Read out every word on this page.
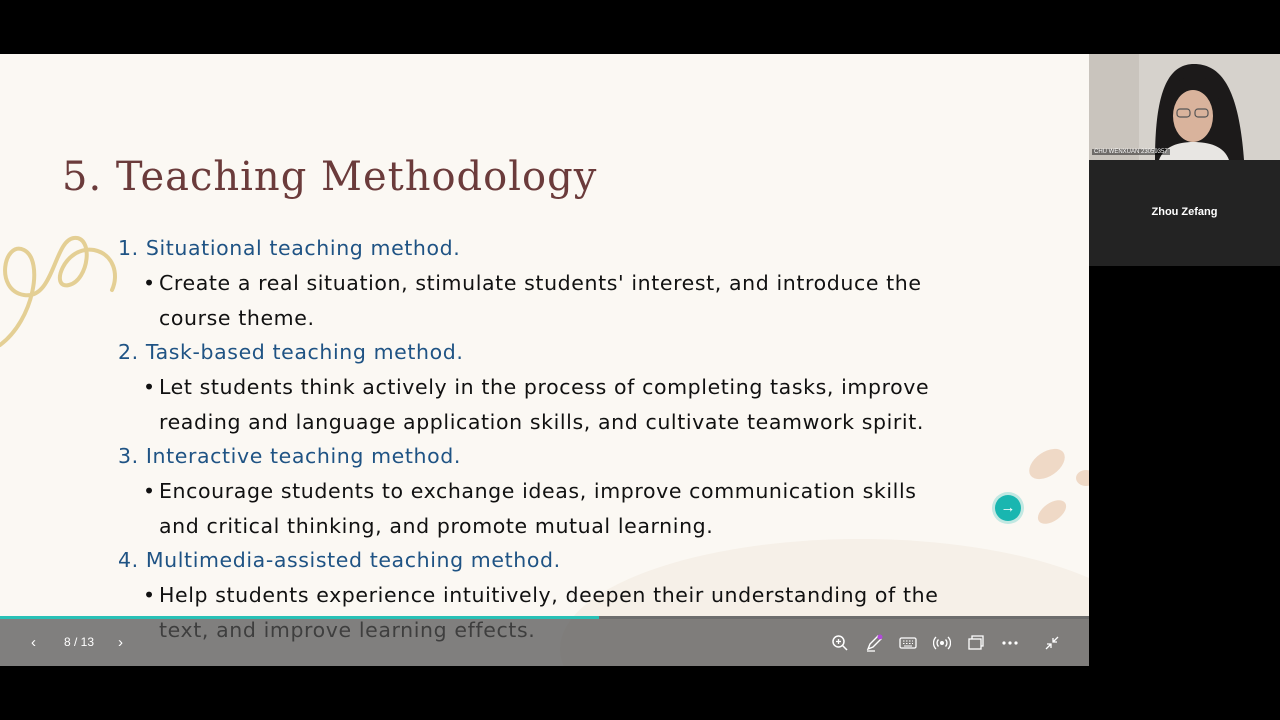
5. Teaching Methodology
1. Situational teaching method.
• Create a real situation, stimulate students' interest, and introduce the
course theme.
2. Task-based teaching method.
• Let students think actively in the process of completing tasks, improve
reading and language application skills, and cultivate teamwork spirit.
3. Interactive teaching method.
• Encourage students to exchange ideas, improve communication skills
and critical thinking, and promote mutual learning.
4. Multimedia-assisted teaching method.
• Help students experience intuitively, deepen their understanding of the
→
‹ 8 / 13 ›
CHU WENXUAN 23059357
Zhou Zefang
